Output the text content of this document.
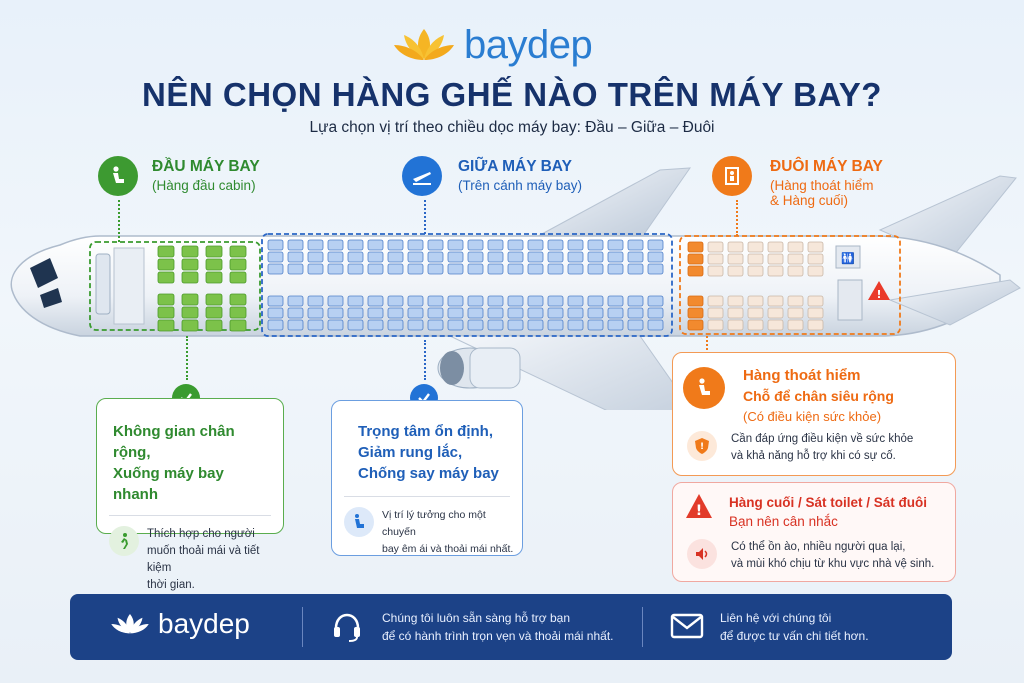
baydep
NÊN CHỌN HÀNG GHẾ NÀO TRÊN MÁY BAY?
Lựa chọn vị trí theo chiều dọc máy bay: Đầu – Giữa – Đuôi
🚻
!
ĐẦU MÁY BAY
(Hàng đầu cabin)
GIỮA MÁY BAY
(Trên cánh máy bay)
ĐUÔI MÁY BAY
(Hàng thoát hiểm
& Hàng cuối)
Không gian chân rộng,
Xuống máy bay nhanh
Thích hợp cho người
muốn thoải mái và tiết kiệm
thời gian.
Trọng tâm ổn định,
Giảm rung lắc,
Chống say máy bay
Vị trí lý tưởng cho một chuyến
bay êm ái và thoải mái nhất.
Hàng thoát hiểm
Chỗ để chân siêu rộng
(Có điều kiện sức khỏe)
!
Cần đáp ứng điều kiện về sức khỏe
và khả năng hỗ trợ khi có sự cố.
!
Hàng cuối / Sát toilet / Sát đuôi
Bạn nên cân nhắc
Có thể ồn ào, nhiều người qua lại,
và mùi khó chịu từ khu vực nhà vệ sinh.
baydep	Chúng tôi luôn sẵn sàng hỗ trợ bạn
để có hành trình trọn vẹn và thoải mái nhất.
Liên hệ với chúng tôi
để được tư vấn chi tiết hơn.
